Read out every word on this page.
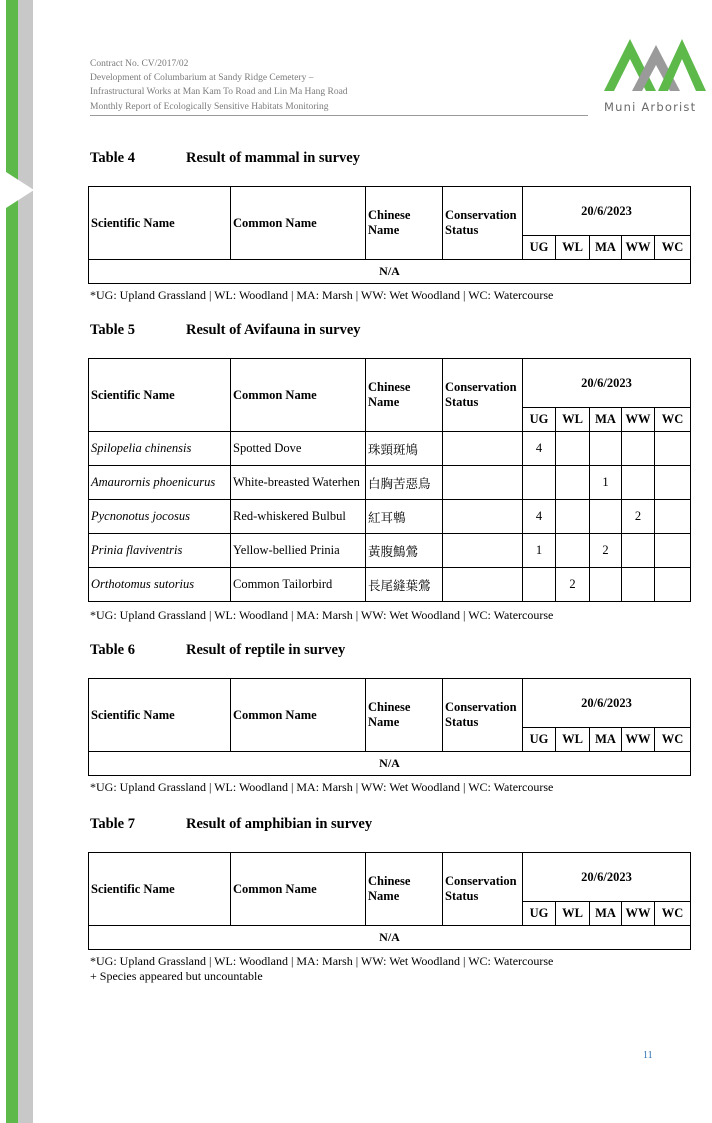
Contract No. CV/2017/02
Development of Columbarium at Sandy Ridge Cemetery –
Infrastructural Works at Man Kam To Road and Lin Ma Hang Road
Monthly Report of Ecologically Sensitive Habitats Monitoring	Muni Arborist
Table 4	Result of mammal in survey
Scientific Name	Common Name	Chinese Name	Conservation Status	20/6/2023				
				UG	WL	MA	WW	WC
N/A								
*UG: Upland Grassland | WL: Woodland | MA: Marsh | WW: Wet Woodland | WC: Watercourse
Table 5	Result of Avifauna in survey
Scientific Name	Common Name	Chinese Name	Conservation Status	20/6/2023				
				UG	WL	MA	WW	WC
Spilopelia chinensis	Spotted Dove	珠頸斑鳩		4				
Amaurornis phoenicurus	White-breasted Waterhen	白胸苦惡鳥				1		
Pycnonotus jocosus	Red-whiskered Bulbul	紅耳鵯		4			2	
Prinia flaviventris	Yellow-bellied Prinia	黃腹鷦鶯		1		2		
Orthotomus sutorius	Common Tailorbird	長尾縫葉鶯			2			
*UG: Upland Grassland | WL: Woodland | MA: Marsh | WW: Wet Woodland | WC: Watercourse
Table 6	Result of reptile in survey
Scientific Name	Common Name	Chinese Name	Conservation Status	20/6/2023				
				UG	WL	MA	WW	WC
N/A								
*UG: Upland Grassland | WL: Woodland | MA: Marsh | WW: Wet Woodland | WC: Watercourse
Table 7	Result of amphibian in survey
Scientific Name	Common Name	Chinese Name	Conservation Status	20/6/2023				
				UG	WL	MA	WW	WC
N/A								
*UG: Upland Grassland | WL: Woodland | MA: Marsh | WW: Wet Woodland | WC: Watercourse
+ Species appeared but uncountable
11
